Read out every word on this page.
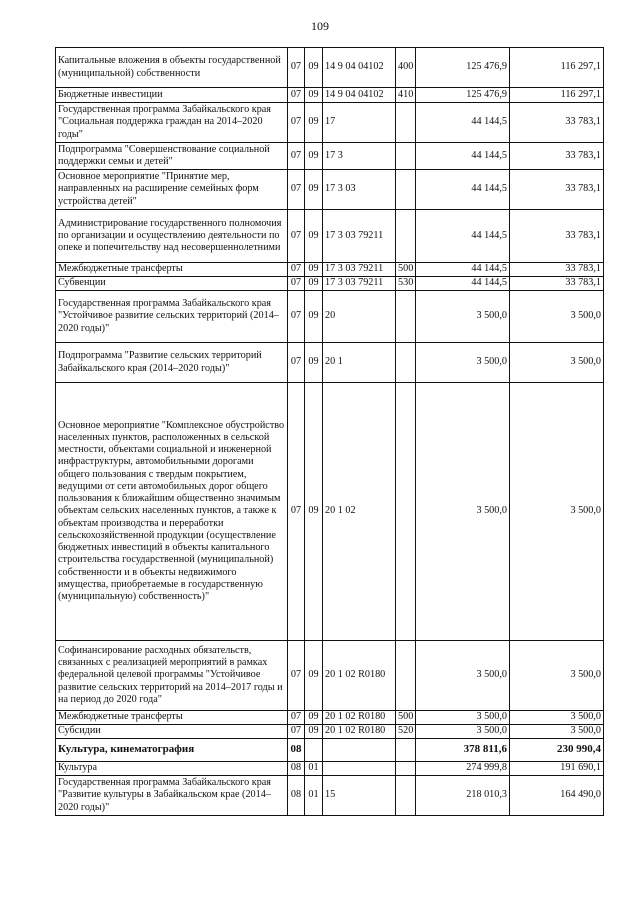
109
Капитальные вложения в объекты государственной (муниципальной) собственности	07	09	14 9 04 04102	400	125 476,9	116 297,1
Бюджетные инвестиции	07	09	14 9 04 04102	410	125 476,9	116 297,1
Государственная программа Забайкальского края "Социальная поддержка граждан на 2014–2020 годы"	07	09	17		44 144,5	33 783,1
Подпрограмма "Совершенствование социальной поддержки семьи и детей"	07	09	17 3		44 144,5	33 783,1
Основное мероприятие "Принятие мер, направленных на расширение семейных форм устройства детей"	07	09	17 3 03		44 144,5	33 783,1
Администрирование государственного полномочия по организации и осуществлению деятельности по опеке и попечительству над несовершеннолетними	07	09	17 3 03 79211		44 144,5	33 783,1
Межбюджетные трансферты	07	09	17 3 03 79211	500	44 144,5	33 783,1
Субвенции	07	09	17 3 03 79211	530	44 144,5	33 783,1
Государственная программа Забайкальского края "Устойчивое развитие сельских территорий (2014–2020 годы)"	07	09	20		3 500,0	3 500,0
Подпрограмма "Развитие сельских территорий Забайкальского края (2014–2020 годы)"	07	09	20 1		3 500,0	3 500,0
Основное мероприятие "Комплексное обустройство населенных пунктов, расположенных в сельской местности, объектами социальной и инженерной инфраструктуры, автомобильными дорогами общего пользования с твердым покрытием, ведущими от сети автомобильных дорог общего пользования к ближайшим общественно значимым объектам сельских населенных пунктов, а также к объектам производства и переработки сельскохозяйственной продукции (осуществление бюджетных инвестиций в объекты капитального строительства государственной (муниципальной) собственности и в объекты недвижимого имущества, приобретаемые в государственную (муниципальную) собственность)"	07	09	20 1 02		3 500,0	3 500,0
Софинансирование расходных обязательств, связанных с реализацией мероприятий в рамках федеральной целевой программы "Устойчивое развитие сельских территорий на 2014–2017 годы и на период до 2020 года"	07	09	20 1 02 R0180		3 500,0	3 500,0
Межбюджетные трансферты	07	09	20 1 02 R0180	500	3 500,0	3 500,0
Субсидии	07	09	20 1 02 R0180	520	3 500,0	3 500,0
Культура, кинематография	08				378 811,6	230 990,4
Культура	08	01			274 999,8	191 690,1
Государственная программа Забайкальского края "Развитие культуры в Забайкальском крае (2014–2020 годы)"	08	01	15		218 010,3	164 490,0
